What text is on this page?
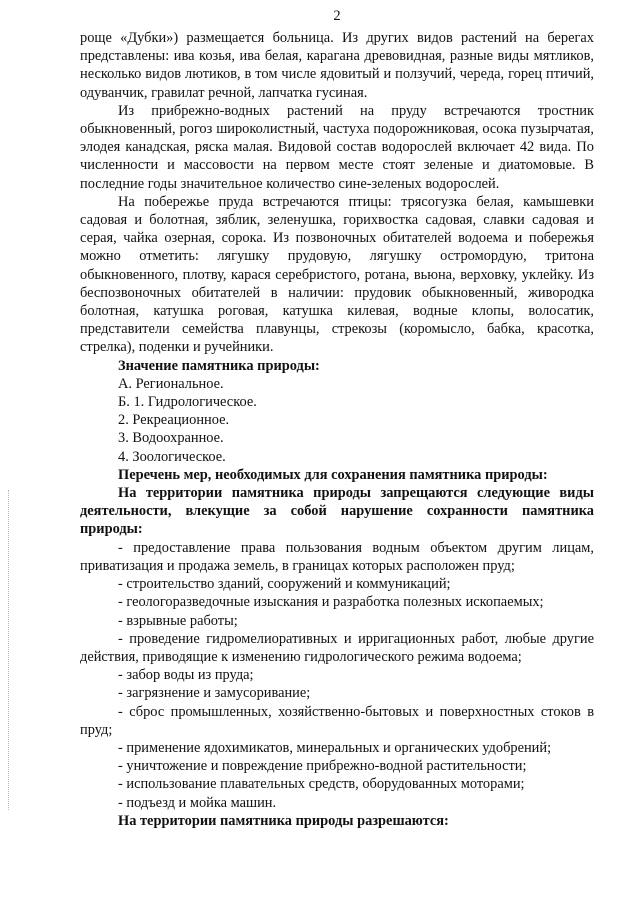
2

роще «Дубки») размещается больница. Из других видов растений на берегах представлены: ива козья, ива белая, карагана древовидная, разные виды мятликов, несколько видов лютиков, в том числе ядовитый и ползучий, череда, горец птичий, одуванчик, гравилат речной, лапчатка гусиная.

Из прибрежно-водных растений на пруду встречаются тростник обыкновенный, рогоз широколистный, частуха подорожниковая, осока пузырчатая, элодея канадская, ряска малая. Видовой состав водорослей включает 42 вида. По численности и массовости на первом месте стоят зеленые и диатомовые. В последние годы значительное количество сине-зеленых водорослей.

На побережье пруда встречаются птицы: трясогузка белая, камышевки садовая и болотная, зяблик, зеленушка, горихвостка садовая, славки садовая и серая, чайка озерная, сорока. Из позвоночных обитателей водоема и побережья можно отметить: лягушку прудовую, лягушку остромордую, тритона обыкновенного, плотву, карася серебристого, ротана, вьюна, верховку, уклейку. Из беспозвоночных обитателей в наличии: прудовик обыкновенный, живородка болотная, катушка роговая, катушка килевая, водные клопы, волосатик, представители семейства плавунцы, стрекозы (коромысло, бабка, красотка, стрелка), поденки и ручейники.

Значение памятника природы:

А. Региональное.

Б. 1. Гидрологическое.

2. Рекреационное.

3. Водоохранное.

4. Зоологическое.

Перечень мер, необходимых для сохранения памятника природы:

На территории памятника природы запрещаются следующие виды деятельности, влекущие за собой нарушение сохранности памятника природы:

- предоставление права пользования водным объектом другим лицам, приватизация и продажа земель, в границах которых расположен пруд;

- строительство зданий, сооружений и коммуникаций;

- геологоразведочные изыскания и разработка полезных ископаемых;

- взрывные работы;

- проведение гидромелиоративных и ирригационных работ, любые другие действия, приводящие к изменению гидрологического режима водоема;

- забор воды из пруда;

- загрязнение и замусоривание;

- сброс промышленных, хозяйственно-бытовых и поверхностных стоков в пруд;

- применение ядохимикатов, минеральных и органических удобрений;

- уничтожение и повреждение прибрежно-водной растительности;

- использование плавательных средств, оборудованных моторами;

- подъезд и мойка машин.

На территории памятника природы разрешаются:
